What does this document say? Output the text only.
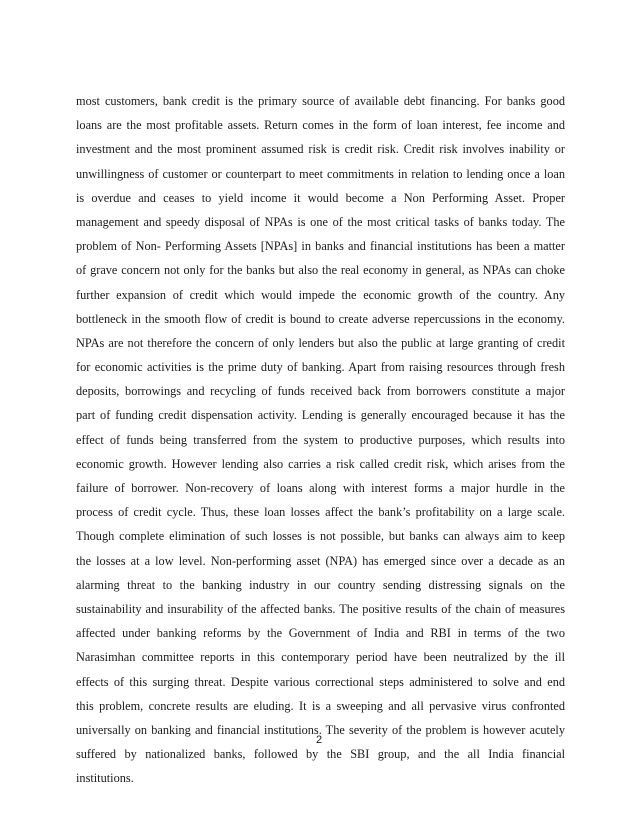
most customers, bank credit is the primary source of available debt financing. For banks good
loans are the most profitable assets. Return comes in the form of loan interest, fee income and
investment and the most prominent assumed risk is credit risk. Credit risk involves inability or
unwillingness of customer or counterpart to meet commitments in relation to lending once a loan
is overdue and ceases to yield income it would become a Non Performing Asset. Proper
management and speedy disposal of NPAs is one of the most critical tasks of banks today. The
problem of Non- Performing Assets [NPAs] in banks and financial institutions has been a matter
of grave concern not only for the banks but also the real economy in general, as NPAs can choke
further expansion of credit which would impede the economic growth of the country. Any
bottleneck in the smooth flow of credit is bound to create adverse repercussions in the economy.
NPAs are not therefore the concern of only lenders but also the public at large granting of credit
for economic activities is the prime duty of banking. Apart from raising resources through fresh
deposits, borrowings and recycling of funds received back from borrowers constitute a major
part of funding credit dispensation activity. Lending is generally encouraged because it has the
effect of funds being transferred from the system to productive purposes, which results into
economic growth. However lending also carries a risk called credit risk, which arises from the
failure of borrower. Non-recovery of loans along with interest forms a major hurdle in the
process of credit cycle. Thus, these loan losses affect the bank’s profitability on a large scale.
Though complete elimination of such losses is not possible, but banks can always aim to keep
the losses at a low level. Non-performing asset (NPA) has emerged since over a decade as an
alarming threat to the banking industry in our country sending distressing signals on the
sustainability and insurability of the affected banks. The positive results of the chain of measures
affected under banking reforms by the Government of India and RBI in terms of the two
Narasimhan committee reports in this contemporary period have been neutralized by the ill
effects of this surging threat. Despite various correctional steps administered to solve and end
this problem, concrete results are eluding. It is a sweeping and all pervasive virus confronted
universally on banking and financial institutions. The severity of the problem is however acutely
suffered by nationalized banks, followed by the SBI group, and the all India financial
institutions.
2
